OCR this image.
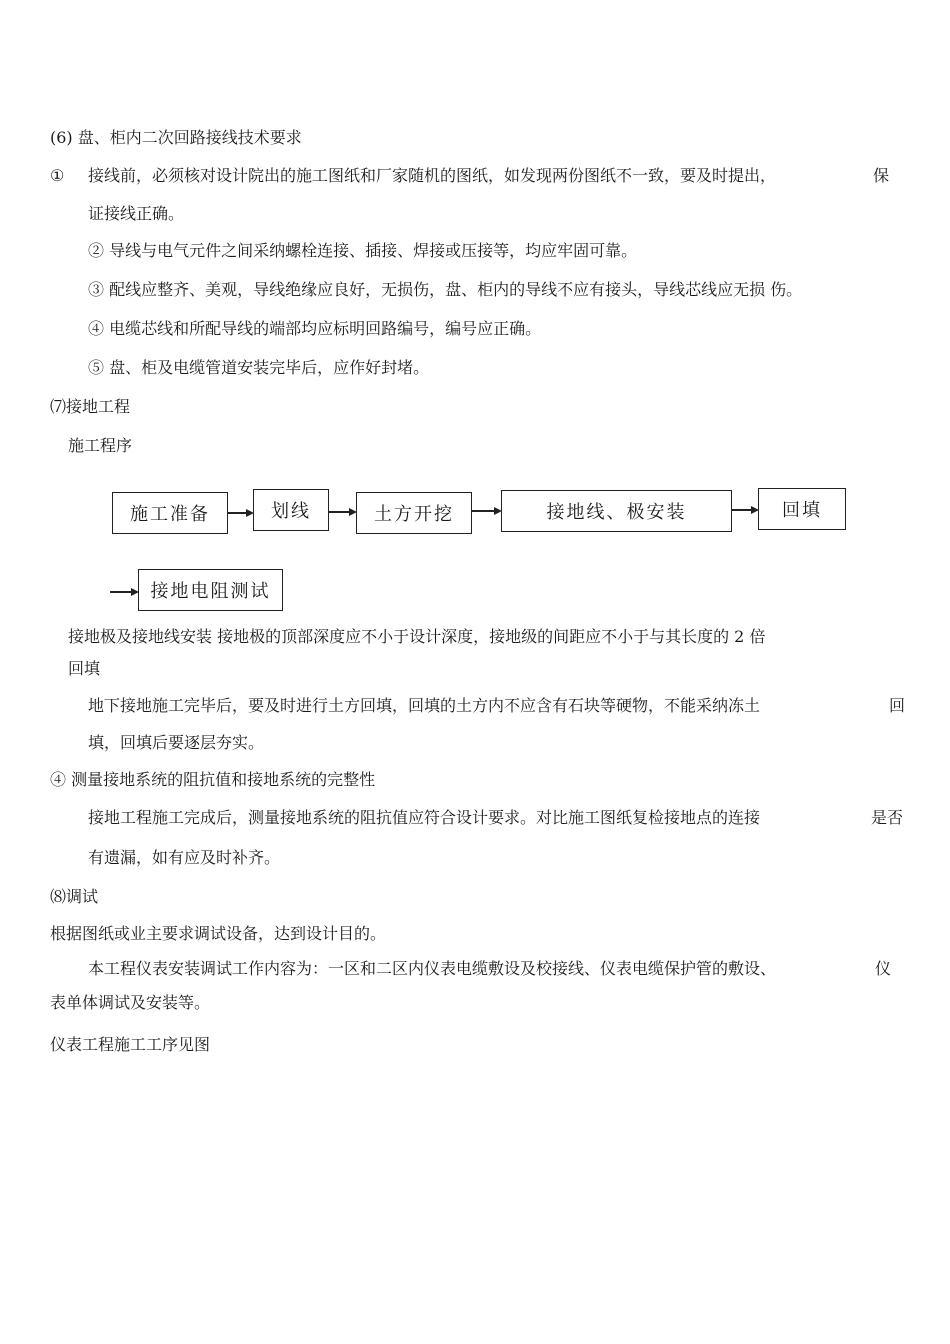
(6) 盘、柜内二次回路接线技术要求
① 接线前，必须核对设计院出的施工图纸和厂家随机的图纸，如发现两份图纸不一致，要及时提出，	保
证接线正确。
② 导线与电气元件之间采纳螺栓连接、插接、焊接或压接等，均应牢固可靠。
③ 配线应整齐、美观，导线绝缘应良好，无损伤，盘、柜内的导线不应有接头，导线芯线应无损 伤。
④ 电缆芯线和所配导线的端部均应标明回路编号，编号应正确。
⑤ 盘、柜及电缆管道安装完毕后，应作好封堵。
⑺接地工程
施工程序
施工准备	划线	土方开挖	接地线、极安装	回填
接地电阻测试
接地极及接地线安装 接地极的顶部深度应不小于设计深度，接地级的间距应不小于与其长度的 2 倍
回填
地下接地施工完毕后，要及时进行土方回填，回填的土方内不应含有石块等硬物，不能采纳冻土	回
填，回填后要逐层夯实。
④ 测量接地系统的阻抗值和接地系统的完整性
接地工程施工完成后，测量接地系统的阻抗值应符合设计要求。对比施工图纸复检接地点的连接	是否
有遗漏，如有应及时补齐。
⑻调试
根据图纸或业主要求调试设备，达到设计目的。
本工程仪表安装调试工作内容为：一区和二区内仪表电缆敷设及校接线、仪表电缆保护管的敷设、	仪
表单体调试及安装等。
仪表工程施工工序见图
